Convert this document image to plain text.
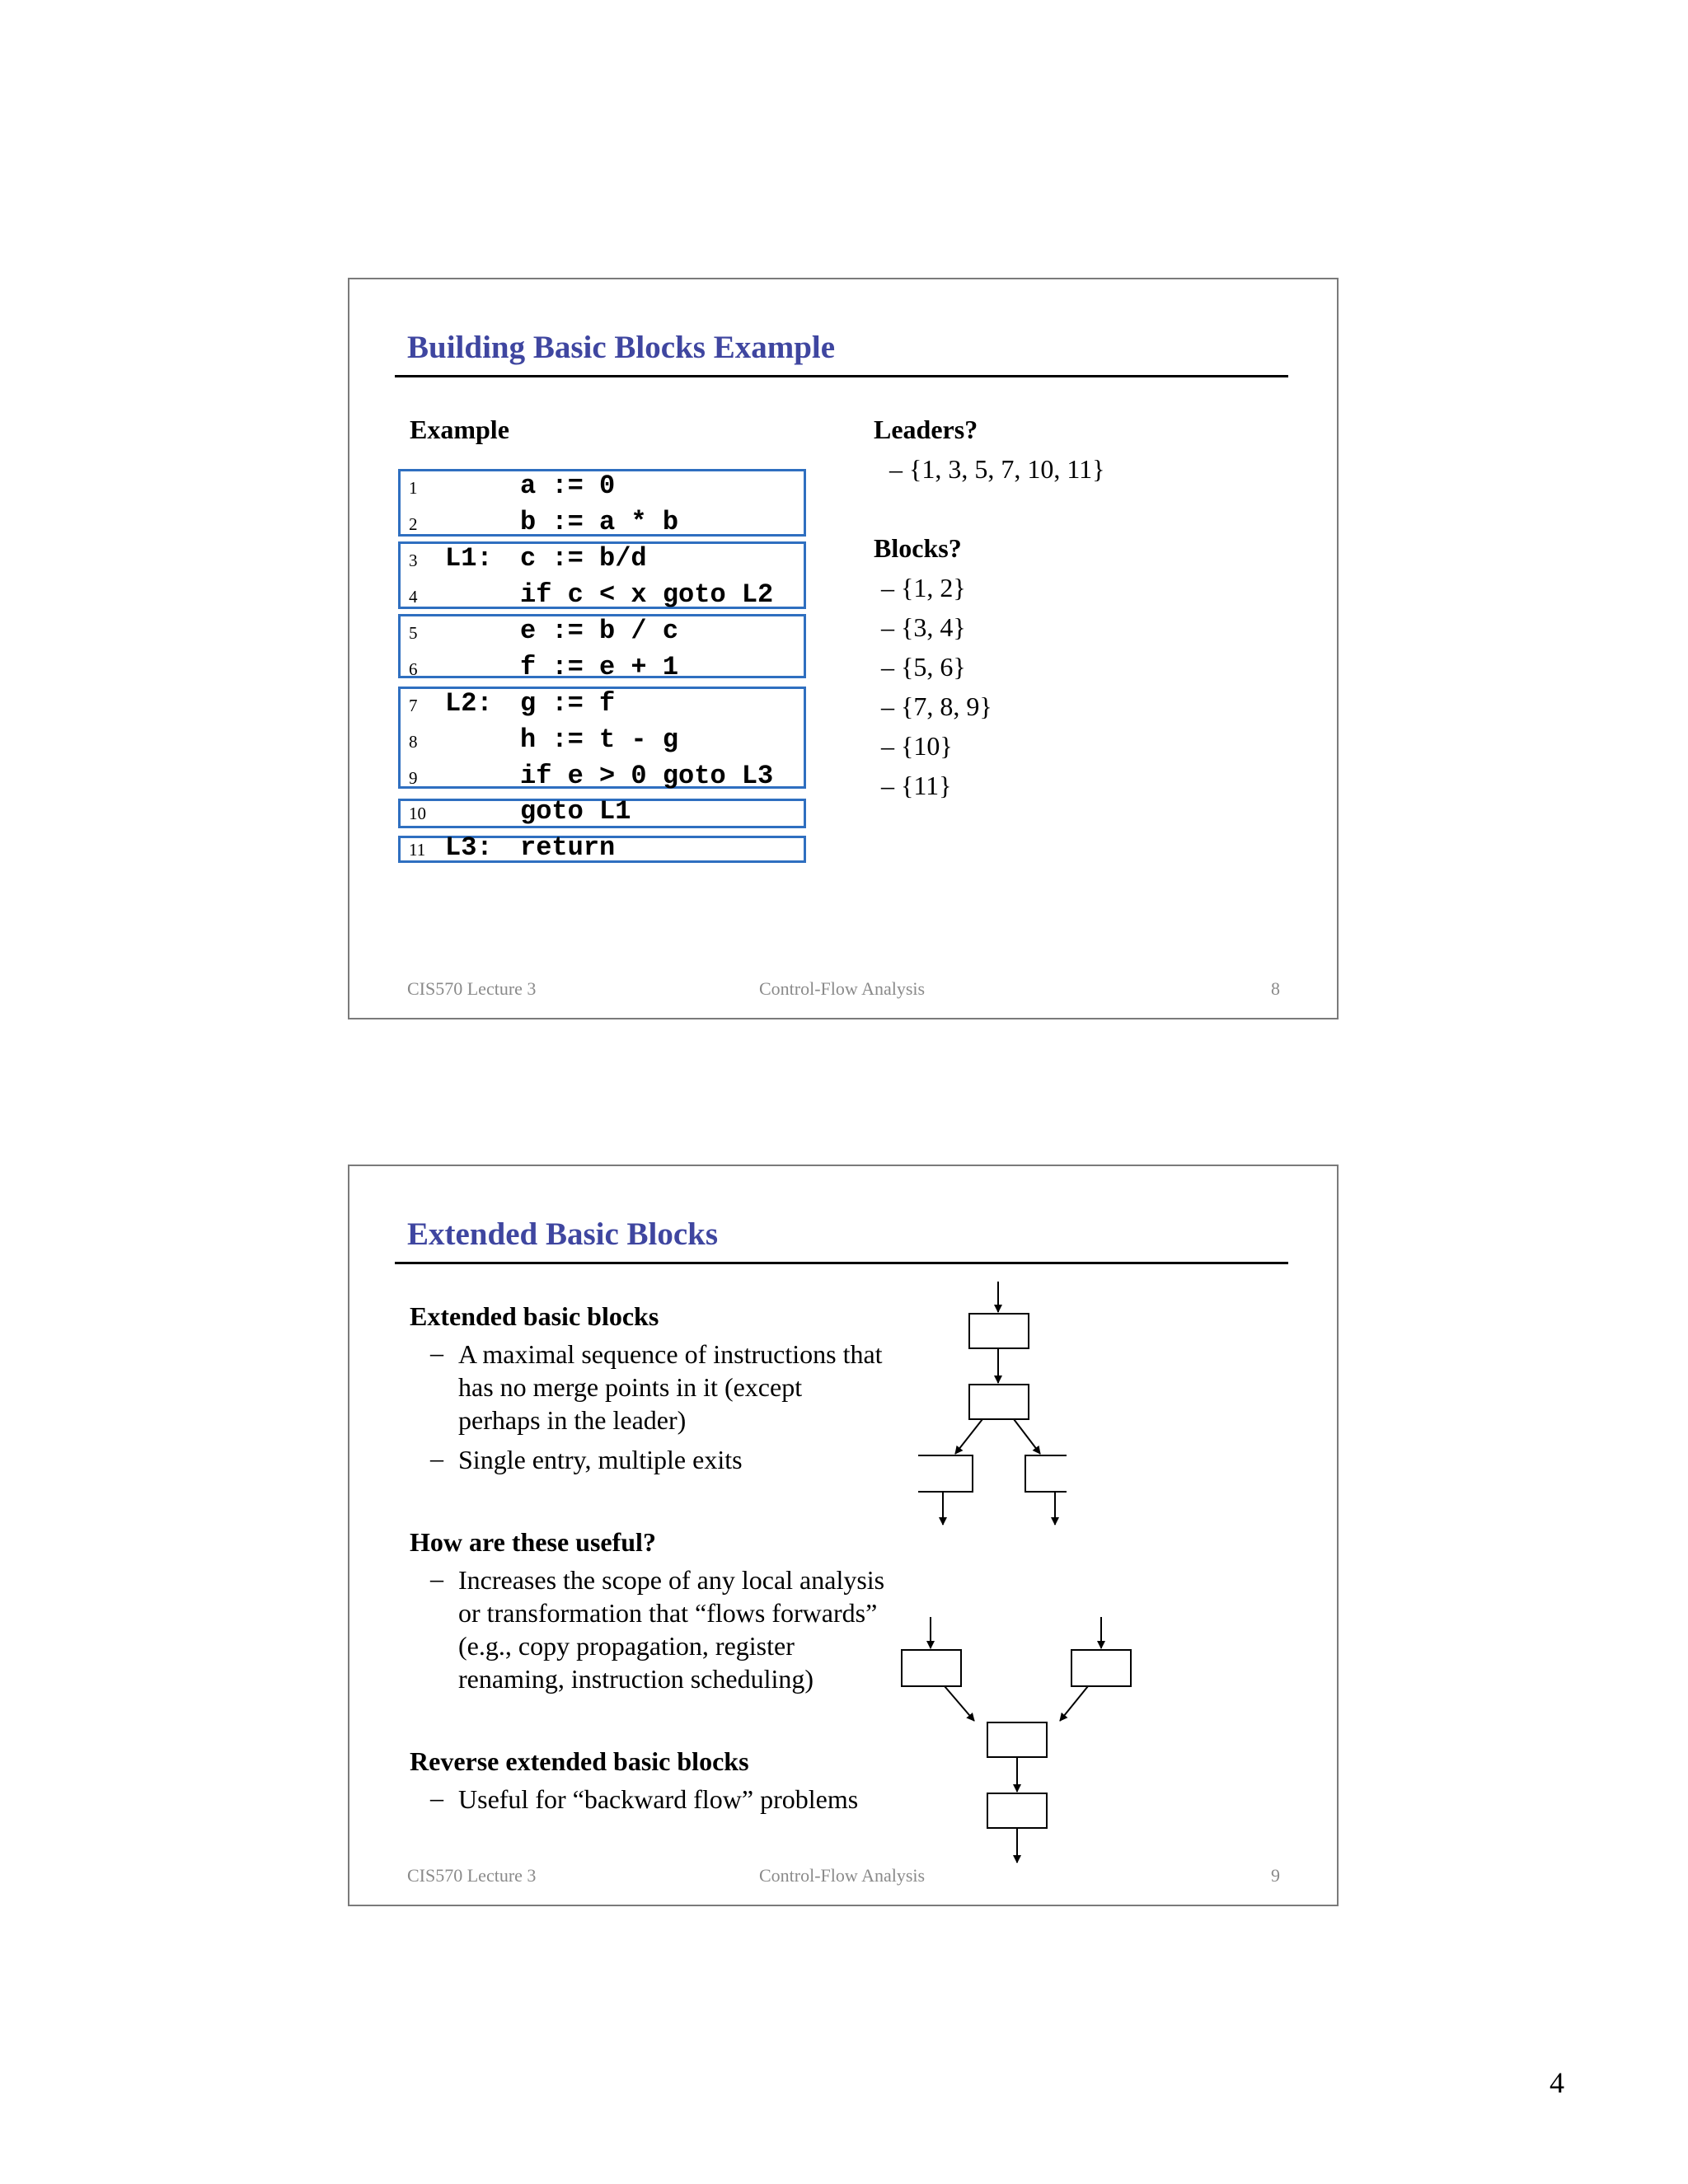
Building Basic Blocks Example
Example
1	a := 0
2	b := a * b
3 L1: c := b/d
4	if c < x goto L2
5	e := b / c
6	f := e + 1
7 L2: g := f
8	h := t - g
9	if e > 0 goto L3
10	goto L1
11 L3: return
Leaders?
– {1, 3, 5, 7, 10, 11}
Blocks?
– {1, 2}
– {3, 4}
– {5, 6}
– {7, 8, 9}
– {10}
– {11}
CIS570 Lecture 3	Control-Flow Analysis	8
Extended Basic Blocks
Extended basic blocks
– A maximal sequence of instructions that
has no merge points in it (except
perhaps in the leader)
– Single entry, multiple exits
How are these useful?
– Increases the scope of any local analysis
or transformation that “flows forwards”
(e.g., copy propagation, register
renaming, instruction scheduling)
Reverse extended basic blocks
– Useful for “backward flow” problems
CIS570 Lecture 3	Control-Flow Analysis	9
4
